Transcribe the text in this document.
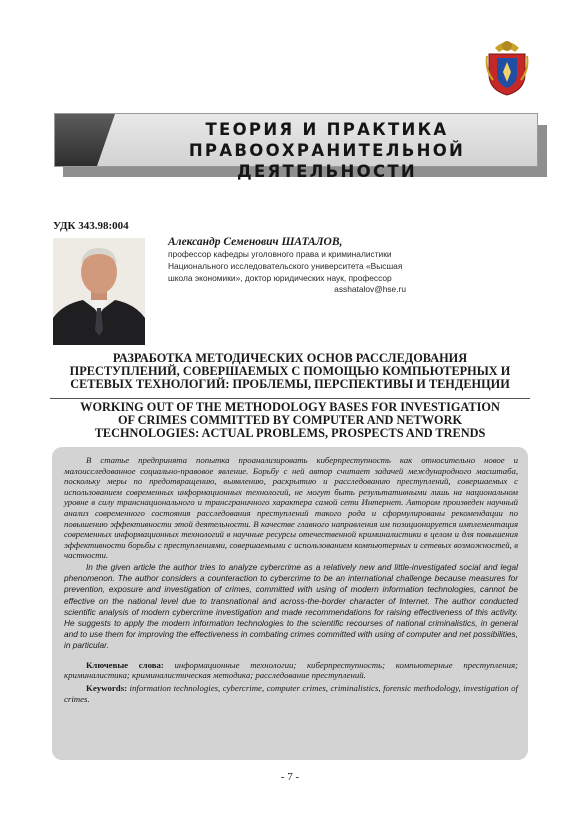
ТЕОРИЯ И ПРАКТИКА
ПРАВООХРАНИТЕЛЬНОЙ ДЕЯТЕЛЬНОСТИ
УДК 343.98:004
Александр Семенович ШАТАЛОВ,
профессор кафедры уголовного права и криминалистики
Национального исследовательского университета «Высшая
школа экономики», доктор юридических наук, профессор
asshatalov@hse.ru
РАЗРАБОТКА МЕТОДИЧЕСКИХ ОСНОВ РАССЛЕДОВАНИЯ
ПРЕСТУПЛЕНИЙ, СОВЕРШАЕМЫХ С ПОМОЩЬЮ КОМПЬЮТЕРНЫХ И
СЕТЕВЫХ ТЕХНОЛОГИЙ: ПРОБЛЕМЫ, ПЕРСПЕКТИВЫ И ТЕНДЕНЦИИ
WORKING OUT OF THE METHODOLOGY BASES FOR INVESTIGATION
OF CRIMES COMMITTED BY COMPUTER AND NETWORK
TECHNOLOGIES: ACTUAL PROBLEMS, PROSPECTS AND TRENDS

В статье предпринята попытка проанализировать киберпреступность как относительно новое и малоисследованное социально-правовое явление. Борьбу с ней автор считает задачей международного масштаба, поскольку меры по предотвращению, выявлению, раскрытию и расследованию преступлений, совершаемых с использованием современных информационных технологий, не могут быть результативными лишь на национальном уровне в силу транснационального и трансграничного характера самой сети Интернет. Автором произведен научный анализ современного состояния расследования преступлений такого рода и сформулированы рекомендации по повышению эффективности этой деятельности. В качестве главного направления им позиционируется имплементация современных информационных технологий в научные ресурсы отечественной криминалистики в целом и для повышения эффективности борьбы с преступлениями, совершаемыми с использованием компьютерных и сетевых возможностей, в частности.

In the given article the author tries to analyze cybercrime as a relatively new and little-investigated social and legal phenomenon. The author considers a counteraction to cybercrime to be an international challenge because measures for prevention, exposure and investigation of crimes, committed with using of modern information technologies, cannot be effective on the national level due to transnational and across-the-border character of Internet. The author conducted scientific analysis of modern cybercrime investigation and made recommendations for raising effectiveness of this activity. He suggests to apply the modern information technologies to the scientific recourses of national criminalistics, in general and to use them for improving the effectiveness in combating crimes committed with using of computer and net possibilities, in particular.

Ключевые слова: информационные технологии; киберпреступность; компьютерные преступления; криминалистика; криминалистическая методика; расследование преступлений.

Keywords: information technologies, cybercrime, computer crimes, criminalistics, forensic methodology, investigation of crimes.

- 7 -
